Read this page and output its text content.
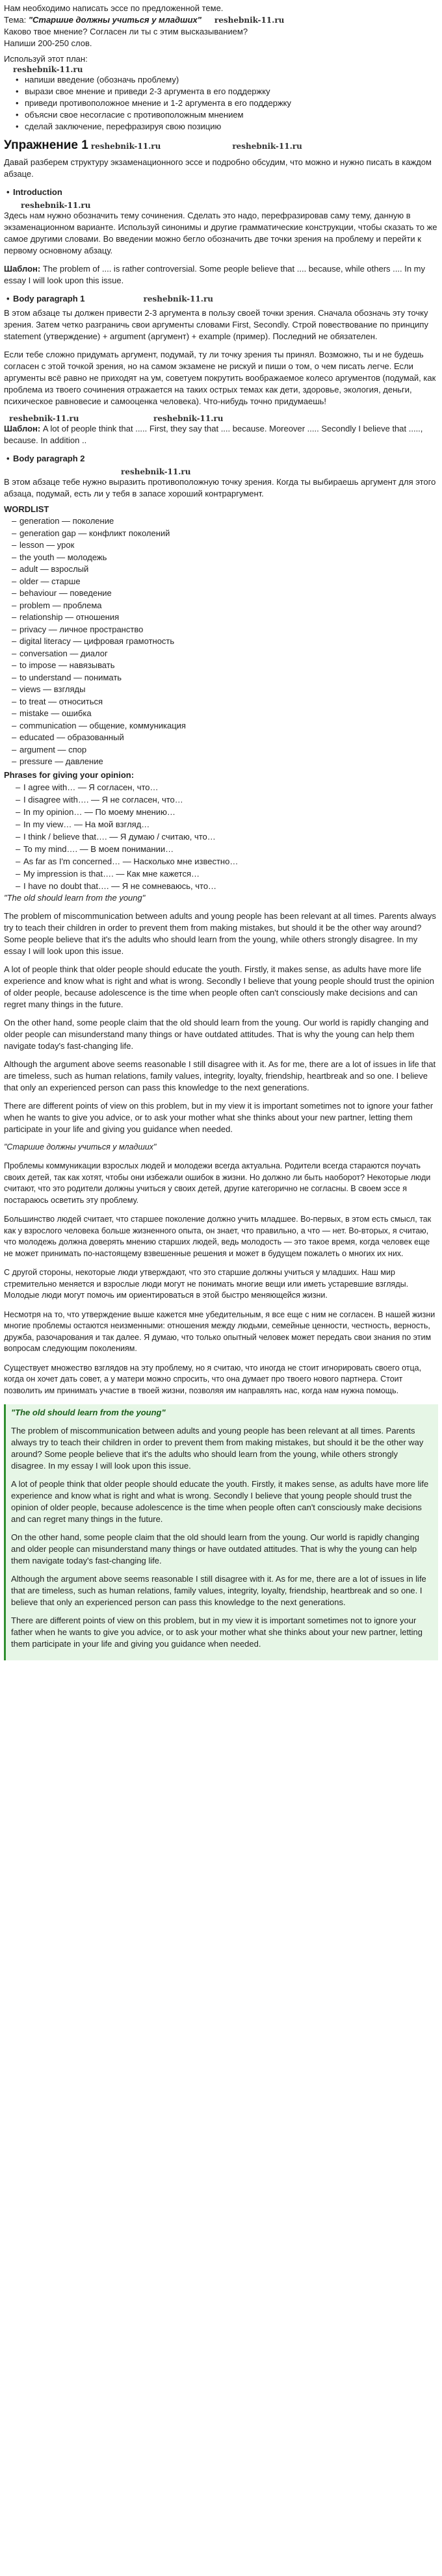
Нам необходимо написать эссе по предложенной теме.

Тема: "Старшие должны учиться у младших" reshebnik-11.ru

Каково твое мнение? Согласен ли ты с этим высказыванием?

Напиши 200-250 слов.

Используй этот план:

reshebnik-11.ru
• напиши введение (обозначь проблему)
• вырази свое мнение и приведи 2-3 аргумента в его поддержку
• приведи противоположное мнение и 1-2 аргумента в его поддержку
• объясни свое несогласие с противоположным мнением
• сделай заключение, перефразируя свою позицию
Упражнение 1 reshebnik-11.ru	reshebnik-11.ru

Давай разберем структуру экзаменационного эссе и подробно обсудим, что можно и нужно писать в каждом абзаце.

• Introduction
reshebnik-11.ru

Здесь нам нужно обозначить тему сочинения. Сделать это надо, перефразировав саму тему, данную в экзаменационном варианте. Используй синонимы и другие грамматические конструкции, чтобы сказать то же самое другими словами. Во введении можно бегло обозначить две точки зрения на проблему и перейти к первому основному абзацу.

Шаблон: The problem of .... is rather controversial. Some people believe that .... because, while others .... In my essay I will look upon this issue.

• Body paragraph 1	reshebnik-11.ru

В этом абзаце ты должен привести 2-3 аргумента в пользу своей точки зрения. Сначала обозначь эту точку зрения. Затем четко разграничь свои аргументы словами First, Secondly. Строй повествование по принципу statement (утверждение) + argument (аргумент) + example (пример). Последний не обязателен.

Если тебе сложно придумать аргумент, подумай, ту ли точку зрения ты принял. Возможно, ты и не будешь согласен с этой точкой зрения, но на самом экзамене не рискуй и пиши о том, о чем писать легче. Если аргументы всё равно не приходят на ум, советуем покрутить воображаемое колесо аргументов (подумай, как проблема из твоего сочинения отражается на таких острых темах как дети, здоровье, экология, деньги, психическое равновесие и самооценка человека). Что-нибудь точно придумаешь!

reshebnik-11.ru	reshebnik-11.ru

Шаблон: A lot of people think that ..... First, they say that .... because. Moreover ..... Secondly I believe that ....., because. In addition ..

• Body paragraph 2
reshebnik-11.ru

В этом абзаце тебе нужно выразить противоположную точку зрения. Когда ты выбираешь аргумент для этого абзаца, подумай, есть ли у тебя в запасе хороший контраргумент.

WORDLIST
– generation — поколение
– generation gap — конфликт поколений
– lesson — урок
– the youth — молодежь
– adult — взрослый
– older — старше
– behaviour — поведение
– problem — проблема
– relationship — отношения
– privacy — личное пространство
– digital literacy — цифровая грамотность
– conversation — диалог
– to impose — навязывать
– to understand — понимать
– views — взгляды
– to treat — относиться
– mistake — ошибка
– communication — общение, коммуникация
– educated — образованный
– argument — спор
– pressure — давление
Phrases for giving your opinion:
– I agree with… — Я согласен, что…
– I disagree with…. — Я не согласен, что…
– In my opinion… — По моему мнению…
– In my view… — На мой взгляд…
– I think / believe that…. — Я думаю / считаю, что…
– To my mind…. — В моем понимании…
– As far as I'm concerned… — Насколько мне известно…
– My impression is that…. — Как мне кажется…
– I have no doubt that…. — Я не сомневаюсь, что…

"The old should learn from the young"

The problem of miscommunication between adults and young people has been relevant at all times. Parents always try to teach their children in order to prevent them from making mistakes, but should it be the other way around? Some people believe that it's the adults who should learn from the young, while others strongly disagree. In my essay I will look upon this issue.

A lot of people think that older people should educate the youth. Firstly, it makes sense, as adults have more life experience and know what is right and what is wrong. Secondly I believe that young people should trust the opinion of older people, because adolescence is the time when people often can't consciously make decisions and can regret many things in the future.

On the other hand, some people claim that the old should learn from the young. Our world is rapidly changing and older people can misunderstand many things or have outdated attitudes. That is why the young can help them navigate today's fast-changing life.

Although the argument above seems reasonable I still disagree with it. As for me, there are a lot of issues in life that are timeless, such as human relations, family values, integrity, loyalty, friendship, heartbreak and so one. I believe that only an experienced person can pass this knowledge to the next generations.

There are different points of view on this problem, but in my view it is important sometimes not to ignore your father when he wants to give you advice, or to ask your mother what she thinks about your new partner, letting them participate in your life and giving you guidance when needed.

"Старшие должны учиться у младших"

Проблемы коммуникации взрослых людей и молодежи всегда актуальна. Родители всегда стараются поучать своих детей, так как хотят, чтобы они избежали ошибок в жизни. Но должно ли быть наоборот? Некоторые люди считают, что это родители должны учиться у своих детей, другие категорично не согласны. В своем эссе я постараюсь осветить эту проблему.

Большинство людей считает, что старшее поколение должно учить младшее. Во-первых, в этом есть смысл, так как у взрослого человека больше жизненного опыта, он знает, что правильно, а что — нет. Во-вторых, я считаю, что молодежь должна доверять мнению старших людей, ведь молодость — это такое время, когда человек еще не может принимать по-настоящему взвешенные решения и может в будущем пожалеть о многих их них.

С другой стороны, некоторые люди утверждают, что это старшие должны учиться у младших. Наш мир стремительно меняется и взрослые люди могут не понимать многие вещи или иметь устаревшие взгляды. Молодые люди могут помочь им ориентироваться в этой быстро меняющейся жизни.

Несмотря на то, что утверждение выше кажется мне убедительным, я все еще с ним не согласен. В нашей жизни многие проблемы остаются неизменными: отношения между людьми, семейные ценности, честность, верность, дружба, разочарования и так далее. Я думаю, что только опытный человек может передать свои знания по этим вопросам следующим поколениям.

Существует множество взглядов на эту проблему, но я считаю, что иногда не стоит игнорировать своего отца, когда он хочет дать совет, а у матери можно спросить, что она думает про твоего нового партнера. Стоит позволить им принимать участие в твоей жизни, позволяя им направлять нас, когда нам нужна помощь.

"The old should learn from the young"

The problem of miscommunication between adults and young people has been relevant at all times. Parents always try to teach their children in order to prevent them from making mistakes, but should it be the other way around? Some people believe that it's the adults who should learn from the young, while others strongly disagree. In my essay I will look upon this issue.

A lot of people think that older people should educate the youth. Firstly, it makes sense, as adults have more life experience and know what is right and what is wrong. Secondly I believe that young people should trust the opinion of older people, because adolescence is the time when people often can't consciously make decisions and can regret many things in the future.

On the other hand, some people claim that the old should learn from the young. Our world is rapidly changing and older people can misunderstand many things or have outdated attitudes. That is why the young can help them navigate today's fast-changing life.

Although the argument above seems reasonable I still disagree with it. As for me, there are a lot of issues in life that are timeless, such as human relations, family values, integrity, loyalty, friendship, heartbreak and so one. I believe that only an experienced person can pass this knowledge to the next generations.

There are different points of view on this problem, but in my view it is important sometimes not to ignore your father when he wants to give you advice, or to ask your mother what she thinks about your new partner, letting them participate in your life and giving you guidance when needed.
